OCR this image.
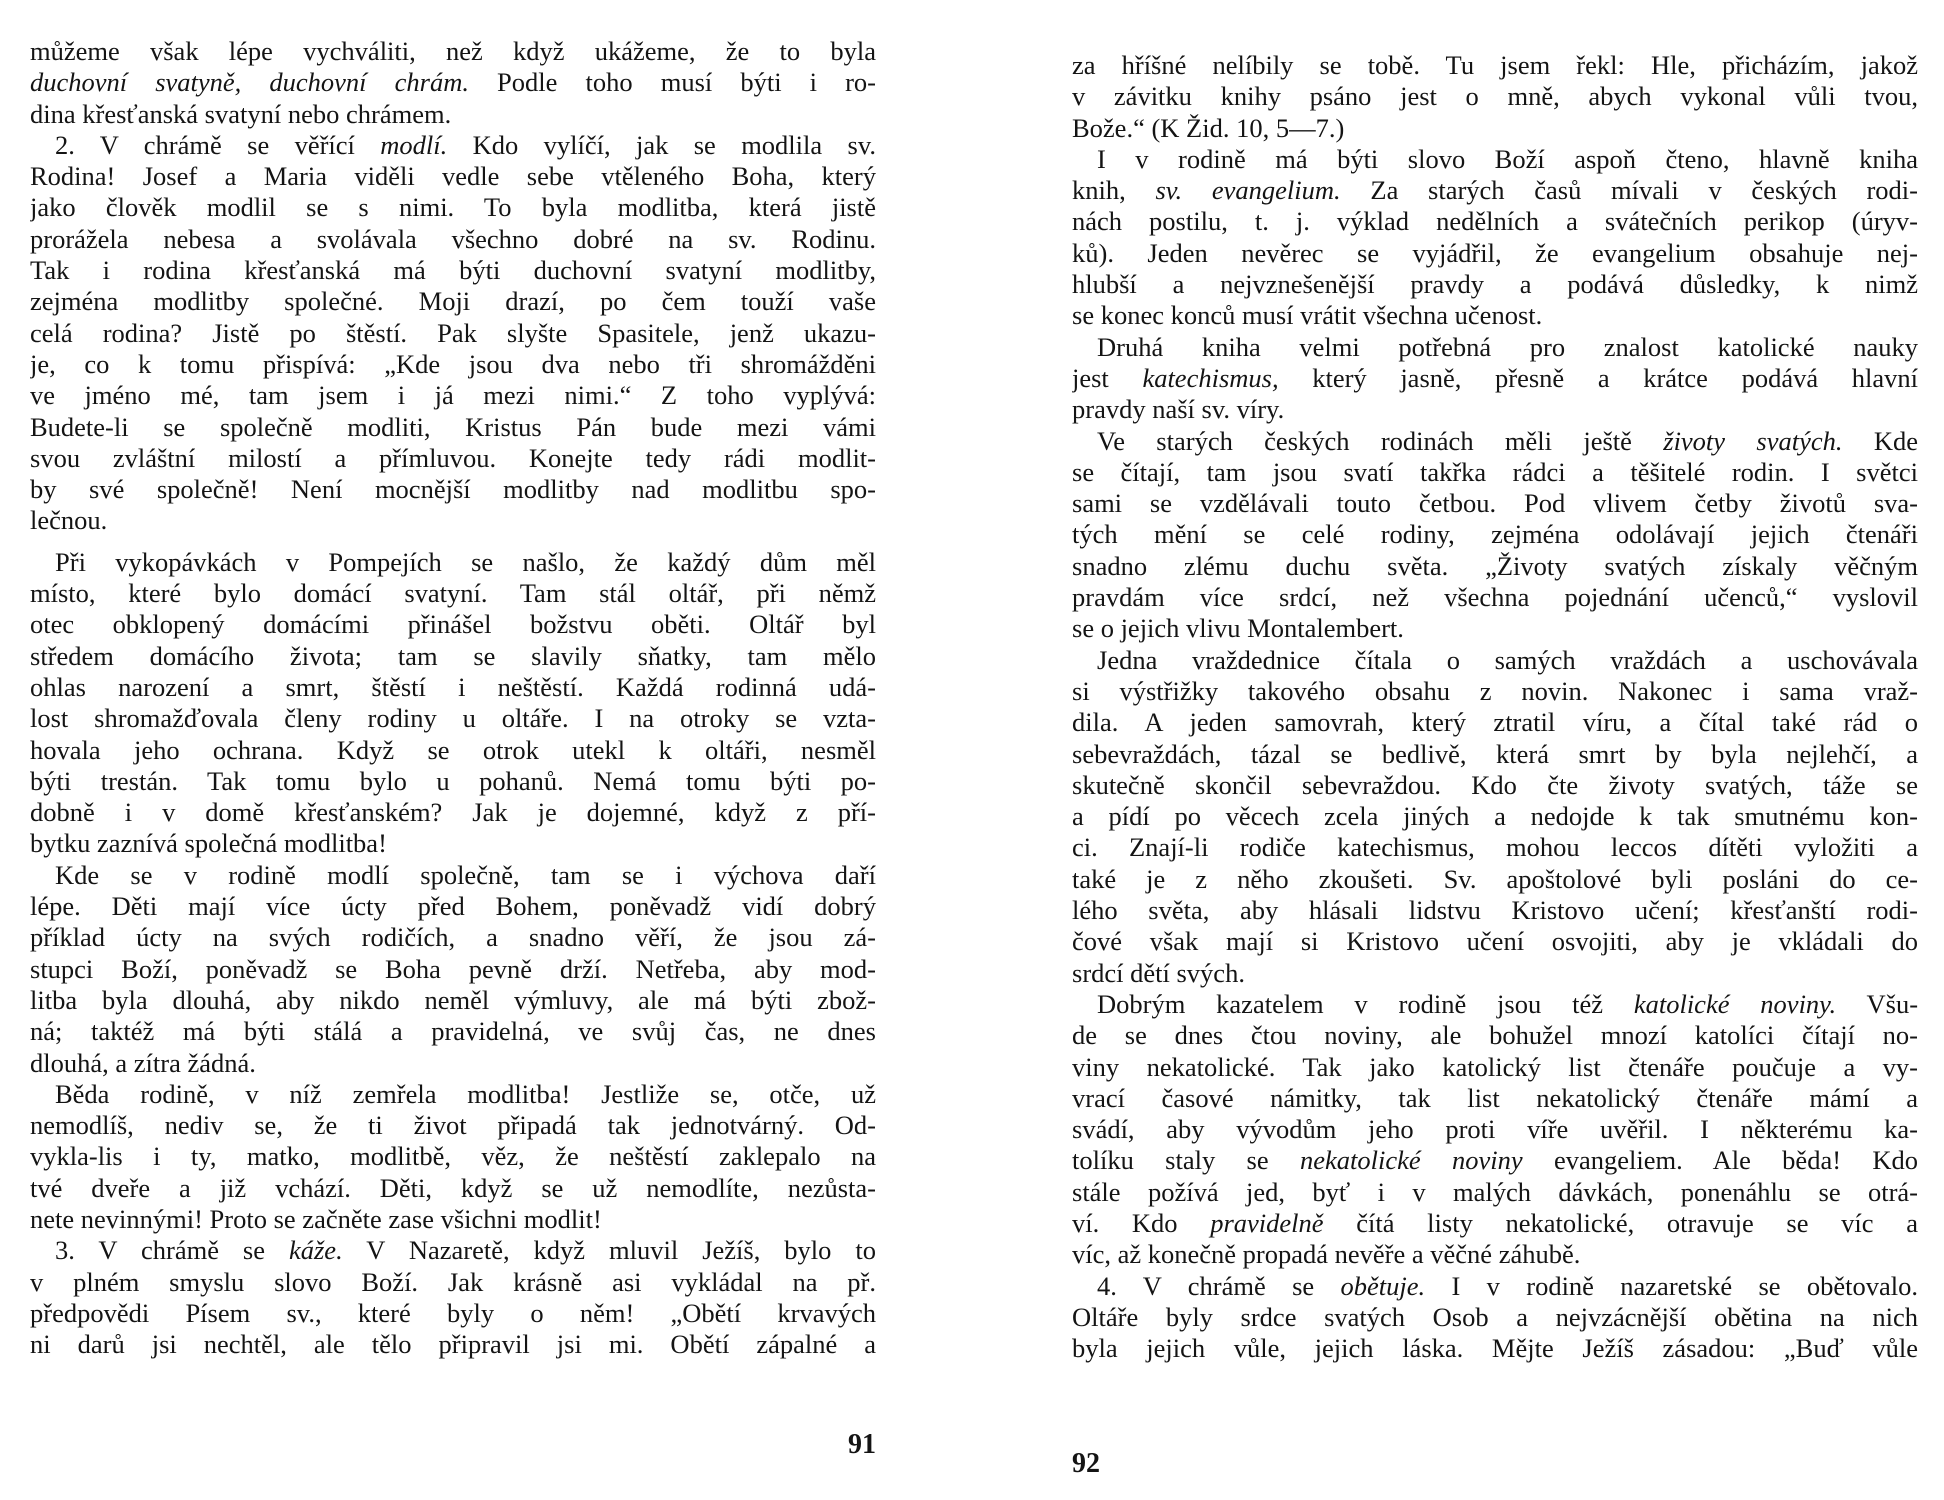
můžeme však lépe vychváliti, než když ukážeme, že to byla
duchovní svatyně, duchovní chrám. Podle toho musí býti i ro-
dina křesťanská svatyní nebo chrámem.
2. V chrámě se věřící modlí. Kdo vylíčí, jak se modlila sv.
Rodina! Josef a Maria viděli vedle sebe vtěleného Boha, který
jako člověk modlil se s nimi. To byla modlitba, která jistě
prorážela nebesa a svolávala všechno dobré na sv. Rodinu.
Tak i rodina křesťanská má býti duchovní svatyní modlitby,
zejména modlitby společné. Moji drazí, po čem touží vaše
celá rodina? Jistě po štěstí. Pak slyšte Spasitele, jenž ukazu-
je, co k tomu přispívá: „Kde jsou dva nebo tři shromážděni
ve jméno mé, tam jsem i já mezi nimi.“ Z toho vyplývá:
Budete-li se společně modliti, Kristus Pán bude mezi vámi
svou zvláštní milostí a přímluvou. Konejte tedy rádi modlit-
by své společně! Není mocnější modlitby nad modlitbu spo-
lečnou.
Při vykopávkách v Pompejích se našlo, že každý dům měl
místo, které bylo domácí svatyní. Tam stál oltář, při němž
otec obklopený domácími přinášel božstvu oběti. Oltář byl
středem domácího života; tam se slavily sňatky, tam mělo
ohlas narození a smrt, štěstí i neštěstí. Každá rodinná udá-
lost shromažďovala členy rodiny u oltáře. I na otroky se vzta-
hovala jeho ochrana. Když se otrok utekl k oltáři, nesměl
býti trestán. Tak tomu bylo u pohanů. Nemá tomu býti po-
dobně i v domě křesťanském? Jak je dojemné, když z pří-
bytku zaznívá společná modlitba!
Kde se v rodině modlí společně, tam se i výchova daří
lépe. Děti mají více úcty před Bohem, poněvadž vidí dobrý
příklad úcty na svých rodičích, a snadno věří, že jsou zá-
stupci Boží, poněvadž se Boha pevně drží. Netřeba, aby mod-
litba byla dlouhá, aby nikdo neměl výmluvy, ale má býti zbož-
ná; taktéž má býti stálá a pravidelná, ve svůj čas, ne dnes
dlouhá, a zítra žádná.
Běda rodině, v níž zemřela modlitba! Jestliže se, otče, už
nemodlíš, nediv se, že ti život připadá tak jednotvárný. Od-
vykla-lis i ty, matko, modlitbě, věz, že neštěstí zaklepalo na
tvé dveře a již vchází. Děti, když se už nemodlíte, nezůsta-
nete nevinnými! Proto se začněte zase všichni modlit!
3. V chrámě se káže. V Nazaretě, když mluvil Ježíš, bylo to
v plném smyslu slovo Boží. Jak krásně asi vykládal na př.
předpovědi Písem sv., které byly o něm! „Obětí krvavých
ni darů jsi nechtěl, ale tělo připravil jsi mi. Obětí zápalné a
91
za hříšné nelíbily se tobě. Tu jsem řekl: Hle, přicházím, jakož
v závitku knihy psáno jest o mně, abych vykonal vůli tvou,
Bože.“ (K Žid. 10, 5—7.)
I v rodině má býti slovo Boží aspoň čteno, hlavně kniha
knih, sv. evangelium. Za starých časů mívali v českých rodi-
nách postilu, t. j. výklad nedělních a svátečních perikop (úryv-
ků). Jeden nevěrec se vyjádřil, že evangelium obsahuje nej-
hlubší a nejvznešenější pravdy a podává důsledky, k nimž
se konec konců musí vrátit všechna učenost.
Druhá kniha velmi potřebná pro znalost katolické nauky
jest katechismus, který jasně, přesně a krátce podává hlavní
pravdy naší sv. víry.
Ve starých českých rodinách měli ještě životy svatých. Kde
se čítají, tam jsou svatí takřka rádci a těšitelé rodin. I světci
sami se vzdělávali touto četbou. Pod vlivem četby životů sva-
tých mění se celé rodiny, zejména odolávají jejich čtenáři
snadno zlému duchu světa. „Životy svatých získaly věčným
pravdám více srdcí, než všechna pojednání učenců,“ vyslovil
se o jejich vlivu Montalembert.
Jedna vraždednice čítala o samých vraždách a uschovávala
si výstřižky takového obsahu z novin. Nakonec i sama vraž-
dila. A jeden samovrah, který ztratil víru, a čítal také rád o
sebevraždách, tázal se bedlivě, která smrt by byla nejlehčí, a
skutečně skončil sebevraždou. Kdo čte životy svatých, táže se
a pídí po věcech zcela jiných a nedojde k tak smutnému kon-
ci. Znají-li rodiče katechismus, mohou leccos dítěti vyložiti a
také je z něho zkoušeti. Sv. apoštolové byli posláni do ce-
lého světa, aby hlásali lidstvu Kristovo učení; křesťanští rodi-
čové však mají si Kristovo učení osvojiti, aby je vkládali do
srdcí dětí svých.
Dobrým kazatelem v rodině jsou též katolické noviny. Všu-
de se dnes čtou noviny, ale bohužel mnozí katolíci čítají no-
viny nekatolické. Tak jako katolický list čtenáře poučuje a vy-
vrací časové námitky, tak list nekatolický čtenáře mámí a
svádí, aby vývodům jeho proti víře uvěřil. I některému ka-
tolíku staly se nekatolické noviny evangeliem. Ale běda! Kdo
stále požívá jed, byť i v malých dávkách, ponenáhlu se otrá-
ví. Kdo pravidelně čítá listy nekatolické, otravuje se víc a
víc, až konečně propadá nevěře a věčné záhubě.
4. V chrámě se obětuje. I v rodině nazaretské se obětovalo.
Oltáře byly srdce svatých Osob a nejvzácnější obětina na nich
byla jejich vůle, jejich láska. Mějte Ježíš zásadou: „Buď vůle
92
